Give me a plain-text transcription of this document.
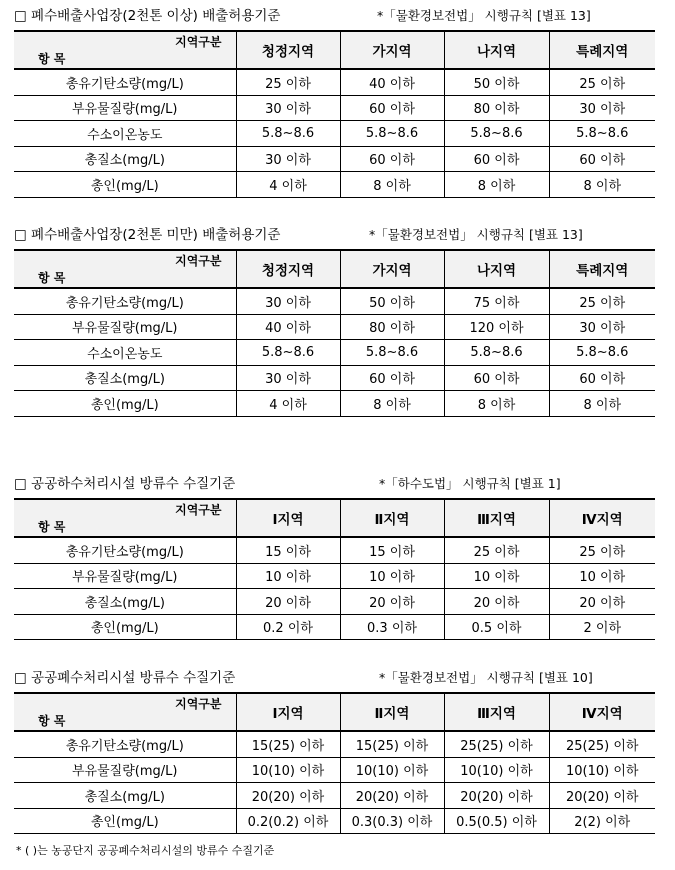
□ 폐수배출사업장(2천톤 이상) 배출허용기준	*「물환경보전법」 시행규칙 [별표 13]
지역구분
항 목	청정지역	가지역	나지역	특례지역
총유기탄소량(mg/L)	25 이하	40 이하	50 이하	25 이하
부유물질량(mg/L)	30 이하	60 이하	80 이하	30 이하
수소이온농도	5.8~8.6	5.8~8.6	5.8~8.6	5.8~8.6
총질소(mg/L)	30 이하	60 이하	60 이하	60 이하
총인(mg/L)	4 이하	8 이하	8 이하	8 이하
□ 폐수배출사업장(2천톤 미만) 배출허용기준	*「물환경보전법」 시행규칙 [별표 13]
지역구분
항 목	청정지역	가지역	나지역	특례지역
총유기탄소량(mg/L)	30 이하	50 이하	75 이하	25 이하
부유물질량(mg/L)	40 이하	80 이하	120 이하	30 이하
수소이온농도	5.8~8.6	5.8~8.6	5.8~8.6	5.8~8.6
총질소(mg/L)	30 이하	60 이하	60 이하	60 이하
총인(mg/L)	4 이하	8 이하	8 이하	8 이하
□ 공공하수처리시설 방류수 수질기준	*「하수도법」 시행규칙 [별표 1]
지역구분
항 목	Ⅰ지역	Ⅱ지역	Ⅲ지역	Ⅳ지역
총유기탄소량(mg/L)	15 이하	15 이하	25 이하	25 이하
부유물질량(mg/L)	10 이하	10 이하	10 이하	10 이하
총질소(mg/L)	20 이하	20 이하	20 이하	20 이하
총인(mg/L)	0.2 이하	0.3 이하	0.5 이하	2 이하
□ 공공폐수처리시설 방류수 수질기준	*「물환경보전법」 시행규칙 [별표 10]
지역구분
항 목	Ⅰ지역	Ⅱ지역	Ⅲ지역	Ⅳ지역
총유기탄소량(mg/L)	15(25) 이하	15(25) 이하	25(25) 이하	25(25) 이하
부유물질량(mg/L)	10(10) 이하	10(10) 이하	10(10) 이하	10(10) 이하
총질소(mg/L)	20(20) 이하	20(20) 이하	20(20) 이하	20(20) 이하
총인(mg/L)	0.2(0.2) 이하	0.3(0.3) 이하	0.5(0.5) 이하	2(2) 이하
* ( )는 농공단지 공공폐수처리시설의 방류수 수질기준
